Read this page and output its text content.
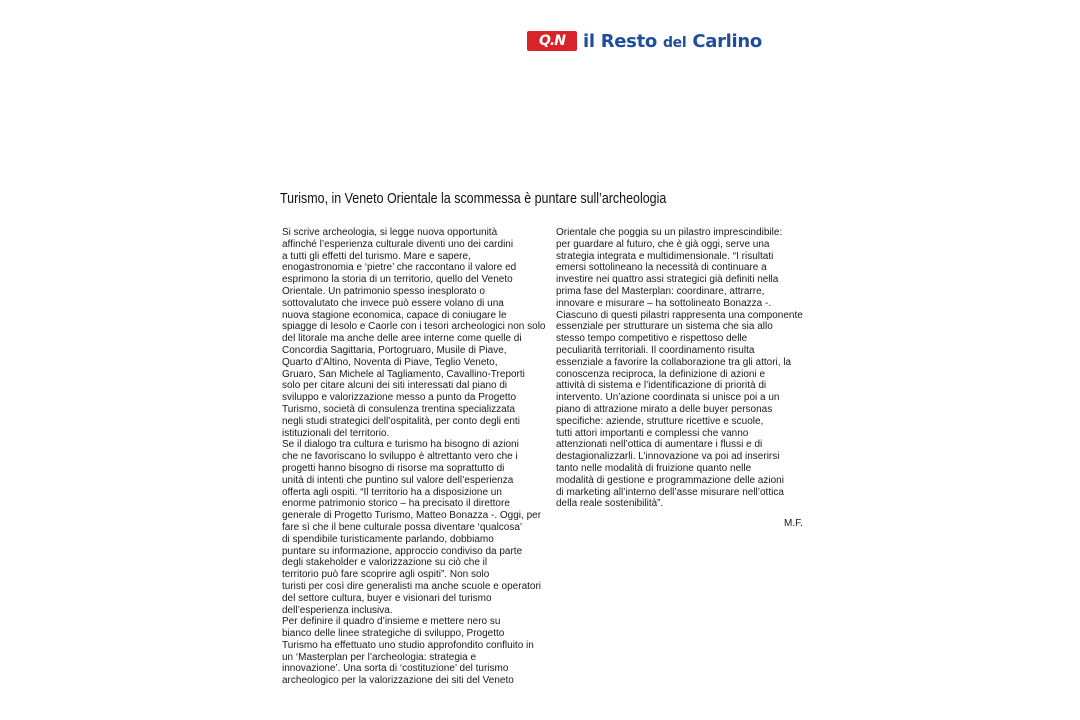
Q.N	il Resto del Carlino
Turismo, in Veneto Orientale la scommessa è puntare sull’archeologia
Si scrive archeologia, si legge nuova opportunità
affinché l’esperienza culturale diventi uno dei cardini
a tutti gli effetti del turismo. Mare e sapere,
enogastronomia e ‘pietre’ che raccontano il valore ed
esprimono la storia di un territorio, quello del Veneto
Orientale. Un patrimonio spesso inesplorato o
sottovalutato che invece può essere volano di una
nuova stagione economica, capace di coniugare le
spiagge di Iesolo e Caorle con i tesori archeologici non solo
del litorale ma anche delle aree interne come quelle di
Concordia Sagittaria, Portogruaro, Musile di Piave,
Quarto d’Altino, Noventa di Piave, Teglio Veneto,
Gruaro, San Michele al Tagliamento, Cavallino-Treporti
solo per citare alcuni dei siti interessati dal piano di
sviluppo e valorizzazione messo a punto da Progetto
Turismo, società di consulenza trentina specializzata
negli studi strategici dell’ospitalità, per conto degli enti
istituzionali del territorio.
Se il dialogo tra cultura e turismo ha bisogno di azioni
che ne favoriscano lo sviluppo è altrettanto vero che i
progetti hanno bisogno di risorse ma soprattutto di
unità di intenti che puntino sul valore dell’esperienza
offerta agli ospiti. “Il territorio ha a disposizione un
enorme patrimonio storico – ha precisato il direttore
generale di Progetto Turismo, Matteo Bonazza -. Oggi, per
fare sì che il bene culturale possa diventare ‘qualcosa’
di spendibile turisticamente parlando, dobbiamo
puntare su informazione, approccio condiviso da parte
degli stakeholder e valorizzazione su ciò che il
territorio può fare scoprire agli ospiti”. Non solo
turisti per così dire generalisti ma anche scuole e operatori
del settore cultura, buyer e visionari del turismo
dell’esperienza inclusiva.
Per definire il quadro d’insieme e mettere nero su
bianco delle linee strategiche di sviluppo, Progetto
Turismo ha effettuato uno studio approfondito confluito in
un ‘Masterplan per l’archeologia: strategia e
innovazione’. Una sorta di ‘costituzione’ del turismo
archeologico per la valorizzazione dei siti del Veneto
Orientale che poggia su un pilastro imprescindibile:
per guardare al futuro, che è già oggi, serve una
strategia integrata e multidimensionale. “I risultati
emersi sottolineano la necessità di continuare a
investire nei quattro assi strategici già definiti nella
prima fase del Masterplan: coordinare, attrarre,
innovare e misurare – ha sottolineato Bonazza -.
Ciascuno di questi pilastri rappresenta una componente
essenziale per strutturare un sistema che sia allo
stesso tempo competitivo e rispettoso delle
peculiarità territoriali. Il coordinamento risulta
essenziale a favorire la collaborazione tra gli attori, la
conoscenza reciproca, la definizione di azioni e
attività di sistema e l’identificazione di priorità di
intervento. Un’azione coordinata si unisce poi a un
piano di attrazione mirato a delle buyer personas
specifiche: aziende, strutture ricettive e scuole,
tutti attori importanti e complessi che vanno
attenzionati nell’ottica di aumentare i flussi e di
destagionalizzarli. L’innovazione va poi ad inserirsi
tanto nelle modalità di fruizione quanto nelle
modalità di gestione e programmazione delle azioni
di marketing all’interno dell’asse misurare nell’ottica
della reale sostenibilità”.
M.F.
